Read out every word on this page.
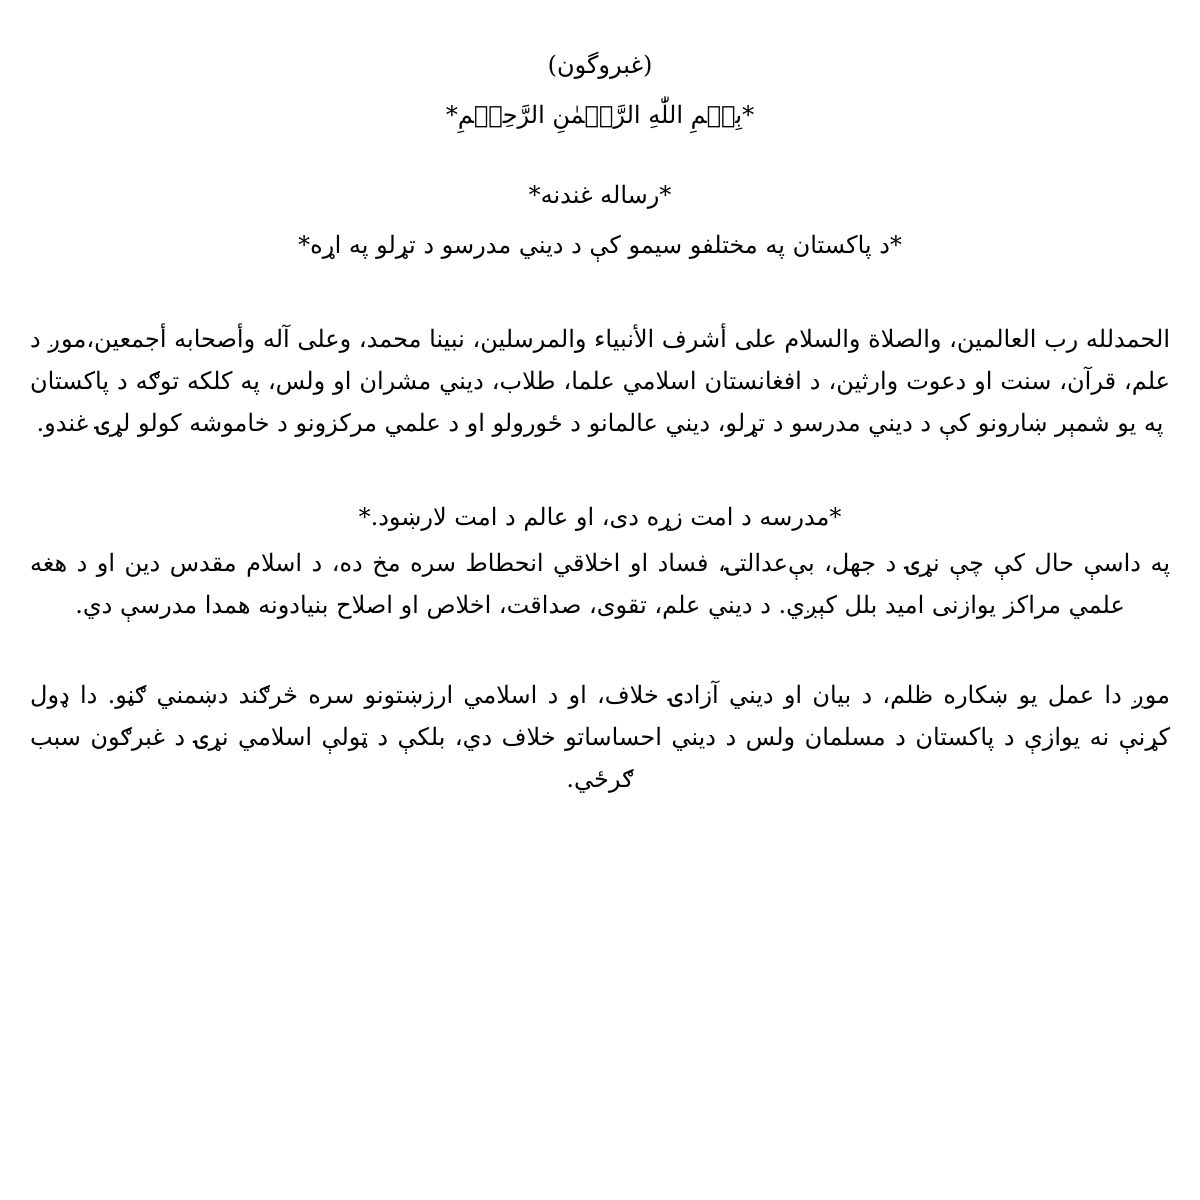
(غبروگون)

*بِسۡمِ اللّٰهِ الرَّحۡمٰنِ الرَّحِیۡمِ*

*رساله غندنه*

*د پاکستان په مختلفو سيمو کې د ديني مدرسو د تړلو په اړه*

الحمدلله رب العالمين، والصلاة والسلام على أشرف الأنبياء والمرسلين، نبينا محمد، وعلى آله وأصحابه أجمعين،موږ د علم، قرآن، سنت او دعوت وارثين، د افغانستان اسلامي علما، طلاب، ديني مشران او ولس، په کلکه توګه د پاکستان په يو شمېر ښارونو کې د ديني مدرسو د تړلو، ديني عالمانو د ځورولو او د علمي مرکزونو د خاموشه کولو لړۍ غندو.

*مدرسه د امت زړه دی، او عالم د امت لارښود.*

په داسې حال کې چې نړۍ د جهل، بې‌عدالتۍ، فساد او اخلاقي انحطاط سره مخ ده، د اسلام مقدس دين او د هغه علمي مراکز يوازنی اميد بلل کېږي. د ديني علم، تقوی، صداقت، اخلاص او اصلاح بنيادونه همدا مدرسې دي.

موږ دا عمل يو ښکاره ظلم، د بيان او ديني آزادۍ خلاف، او د اسلامي ارزښتونو سره څرګند دښمني ګڼو. دا ډول کړنې نه يوازې د پاکستان د مسلمان ولس د ديني احساساتو خلاف دي، بلکې د ټولې اسلامي نړۍ د غبرګون سبب ګرځي.
